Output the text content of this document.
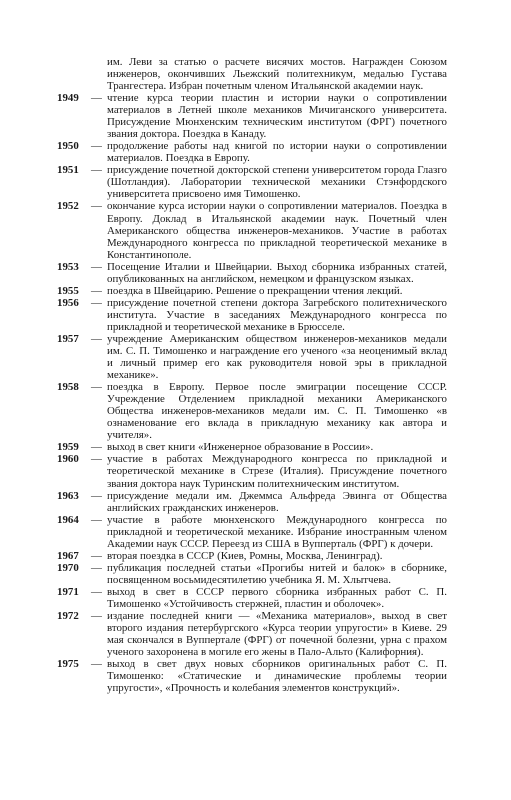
им. Леви за статью о расчете висячих мостов. Награжден Союзом инженеров, окончивших Льежский политехникум, медалью Густава Трангестера. Избран почетным членом Итальянской академии наук.

1949	— чтение курса теории пластин и истории науки о сопротивлении материалов в Летней школе механиков Мичиганского университета. Присуждение Мюнхенским техническим институтом (ФРГ) почетного звания доктора. Поездка в Канаду.

1950	— продолжение работы над книгой по истории науки о сопротивлении материалов. Поездка в Европу.

1951	— присуждение почетной докторской степени университетом города Глазго (Шотландия). Лаборатории технической механики Стэнфордского университета присвоено имя Тимошенко.

1952	— окончание курса истории науки о сопротивлении материалов. Поездка в Европу. Доклад в Итальянской академии наук. Почетный член Американского общества инженеров-механиков. Участие в работах Международного конгресса по прикладной теоретической механике в Константинополе.

1953	— Посещение Италии и Швейцарии. Выход сборника избранных статей, опубликованных на английском, немецком и французском языках.

1955	— поездка в Швейцарию. Решение о прекращении чтения лекций.

1956	— присуждение почетной степени доктора Загребского политехнического института. Участие в заседаниях Международного конгресса по прикладной и теоретической механике в Брюсселе.

1957	— учреждение Американским обществом инженеров-механиков медали им. С. П. Тимошенко и награждение его ученого «за неоценимый вклад и личный пример его как руководителя новой эры в прикладной механике».

1958	— поездка в Европу. Первое после эмиграции посещение СССР. Учреждение Отделением прикладной механики Американского Общества инженеров-механиков медали им. С. П. Тимошенко «в ознаменование его вклада в прикладную механику как автора и учителя».

1959	— выход в свет книги «Инженерное образование в России».

1960	— участие в работах Международного конгресса по прикладной и теоретической механике в Стрезе (Италия). Присуждение почетного звания доктора наук Туринским политехническим институтом.

1963	— присуждение медали им. Джеммса Альфреда Эвинга от Общества английских гражданских инженеров.

1964	— участие в работе мюнхенского Международного конгресса по прикладной и теоретической механике. Избрание иностранным членом Академии наук СССР. Переезд из США в Вупперталь (ФРГ) к дочери.

1967	— вторая поездка в СССР (Киев, Ромны, Москва, Ленинград).

1970	— публикация последней статьи «Прогибы нитей и балок» в сборнике, посвященном восьмидесятилетию учебника Я. М. Хлытчева.

1971	— выход в свет в СССР первого сборника избранных работ С. П. Тимошенко «Устойчивость стержней, пластин и оболочек».

1972	— издание последней книги — «Механика материалов», выход в свет второго издания петербургского «Курса теории упругости» в Киеве. 29 мая скончался в Вуппертале (ФРГ) от почечной болезни, урна с прахом ученого захоронена в могиле его жены в Пало-Альто (Калифорния).

1975	— выход в свет двух новых сборников оригинальных работ С. П. Тимошенко: «Статические и динамические проблемы теории упругости», «Прочность и колебания элементов конструкций».
